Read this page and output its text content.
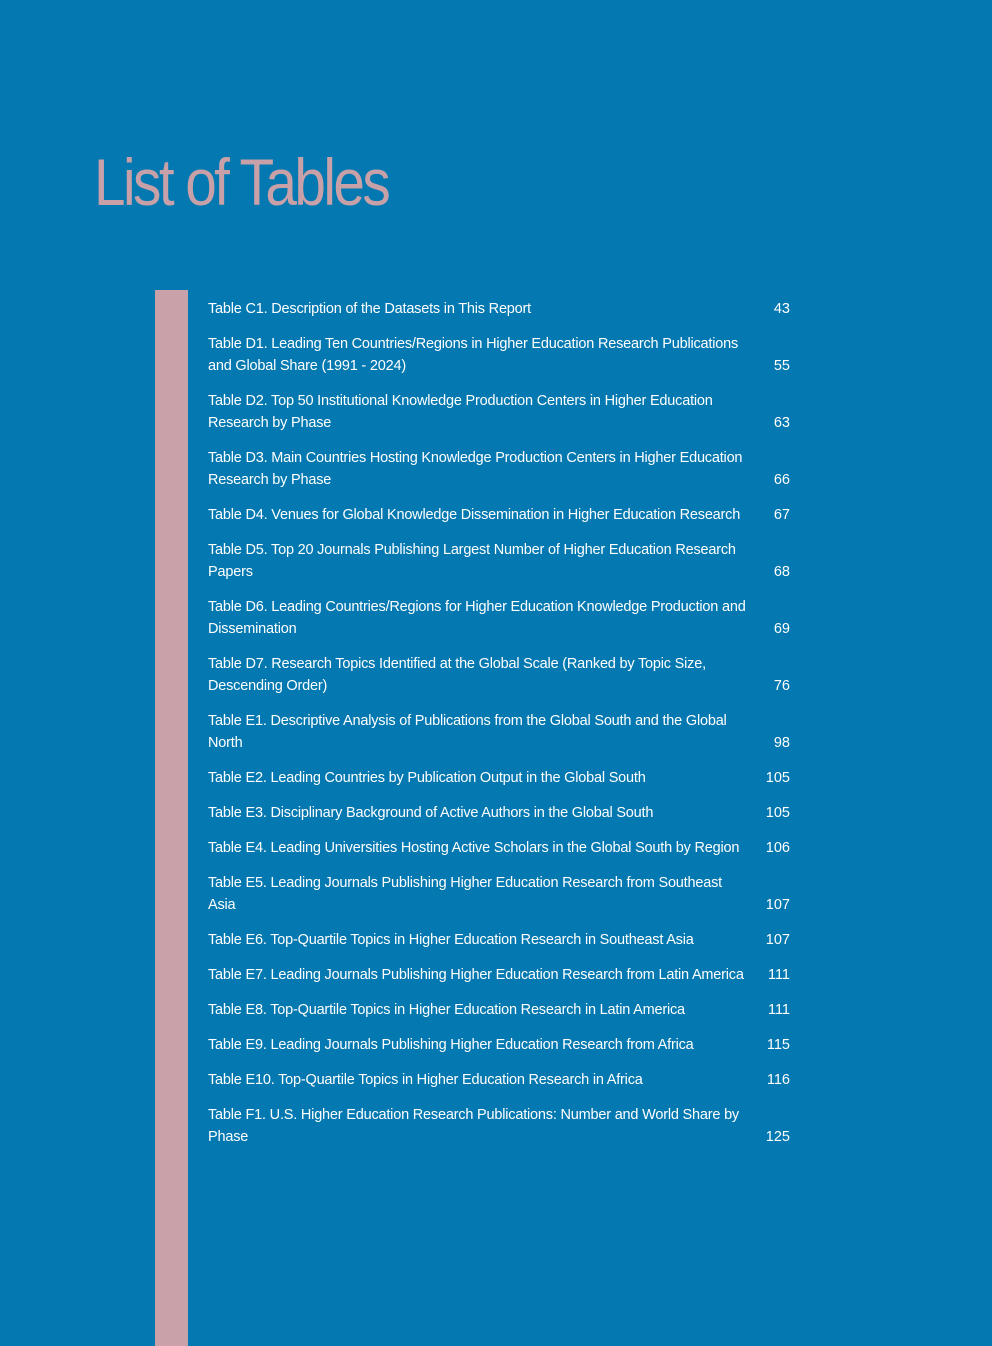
List of Tables
Table C1. Description of the Datasets in This Report	43
Table D1. Leading Ten Countries/Regions in Higher Education Research Publications and Global Share (1991 - 2024)	55
Table D2. Top 50 Institutional Knowledge Production Centers in Higher Education Research by Phase	63
Table D3. Main Countries Hosting Knowledge Production Centers in Higher Education Research by Phase	66
Table D4. Venues for Global Knowledge Dissemination in Higher Education Research	67
Table D5. Top 20 Journals Publishing Largest Number of Higher Education Research Papers	68
Table D6. Leading Countries/Regions for Higher Education Knowledge Production and Dissemination	69
Table D7. Research Topics Identified at the Global Scale (Ranked by Topic Size, Descending Order)	76
Table E1. Descriptive Analysis of Publications from the Global South and the Global North	98
Table E2. Leading Countries by Publication Output in the Global South	105
Table E3. Disciplinary Background of Active Authors in the Global South	105
Table E4. Leading Universities Hosting Active Scholars in the Global South by Region	106
Table E5. Leading Journals Publishing Higher Education Research from Southeast Asia	107
Table E6. Top-Quartile Topics in Higher Education Research in Southeast Asia	107
Table E7. Leading Journals Publishing Higher Education Research from Latin America	111
Table E8. Top-Quartile Topics in Higher Education Research in Latin America	111
Table E9. Leading Journals Publishing Higher Education Research from Africa	115
Table E10. Top-Quartile Topics in Higher Education Research in Africa	116
Table F1. U.S. Higher Education Research Publications: Number and World Share by Phase	125
